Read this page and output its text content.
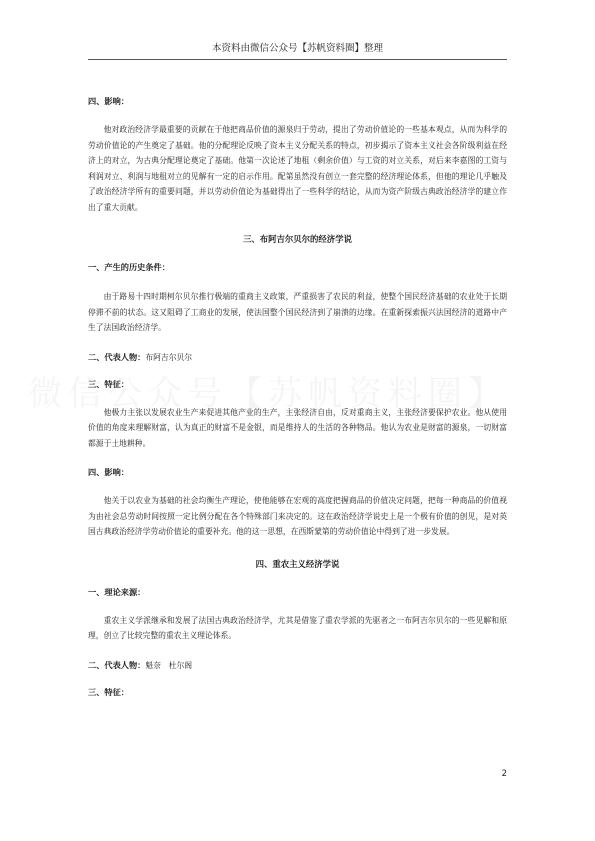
本资料由微信公众号【苏帆资料圈】整理

四、影响：

他对政治经济学最重要的贡献在于他把商品价值的源泉归于劳动，提出了劳动价值论的一些基本观点，从而为科学的劳动价值论的产生奠定了基础。他的分配理论反映了资本主义分配关系的特点，初步揭示了资本主义社会各阶级利益在经济上的对立，为古典分配理论奠定了基础。他第一次论述了地租（剩余价值）与工资的对立关系，对后来李嘉图的工资与利润对立、利润与地租对立的见解有一定的启示作用。配第虽然没有创立一套完整的经济理论体系，但他的理论几乎触及了政治经济学所有的重要问题，并以劳动价值论为基础得出了一些科学的结论，从而为资产阶级古典政治经济学的建立作出了重大贡献。

三、布阿吉尔贝尔的经济学说

一、产生的历史条件：

由于路易十四时期柯尔贝尔推行极端的重商主义政策，严重损害了农民的利益，使整个国民经济基础的农业处于长期停滞不前的状态。这又阻碍了工商业的发展，使法国整个国民经济到了崩溃的边缘。在重新探索振兴法国经济的道路中产生了法国政治经济学。

二、代表人物：布阿吉尔贝尔

三、特征：

他极力主张以发展农业生产来促进其他产业的生产，主张经济自由，反对重商主义，主张经济要保护农业。他从使用价值的角度来理解财富，认为真正的财富不是金银，而是维持人的生活的各种物品。他认为农业是财富的源泉，一切财富都源于土地耕种。

四、影响：

他关于以农业为基础的社会均衡生产理论，使他能够在宏观的高度把握商品的价值决定问题，把每一种商品的价值视为由社会总劳动时间按照一定比例分配在各个特殊部门来决定的。这在政治经济学说史上是一个极有价值的创见，是对英国古典政治经济学劳动价值论的重要补充。他的这一思想，在西斯蒙第的劳动价值论中得到了进一步发展。

四、重农主义经济学说

一、理论来源：

重农主义学派继承和发展了法国古典政治经济学，尤其是借鉴了重农学派的先驱者之一布阿吉尔贝尔的一些见解和原理，创立了比较完整的重农主义理论体系。

二、代表人物：魁奈　杜尔阁

三、特征：

2
